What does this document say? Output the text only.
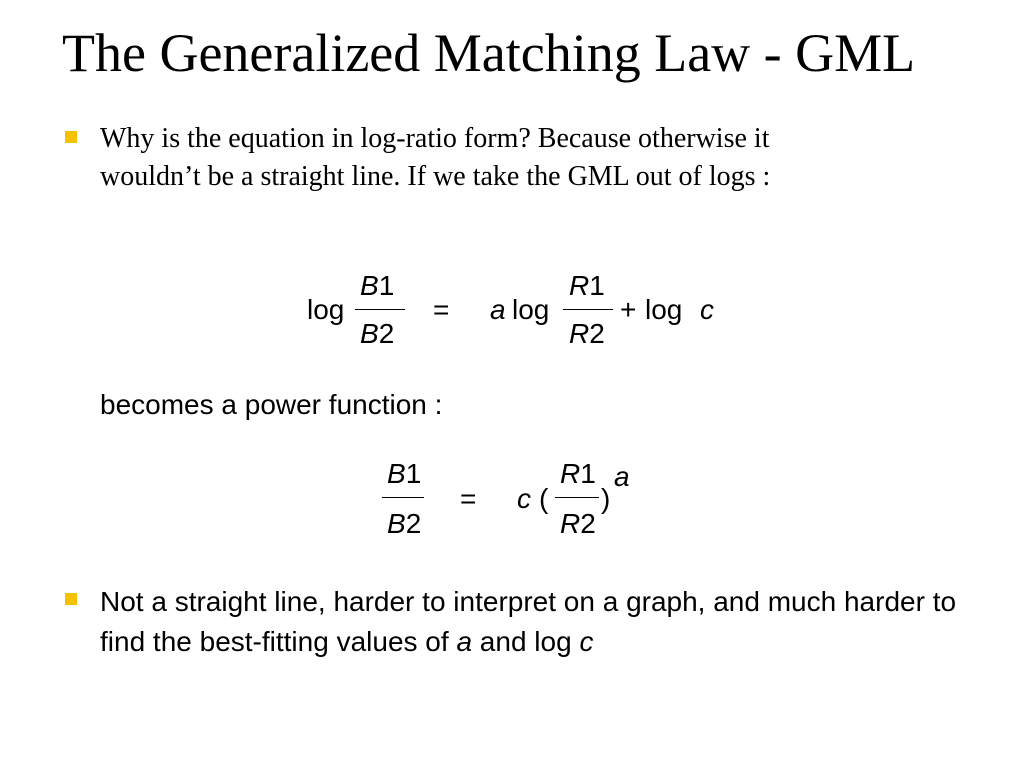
The Generalized Matching Law - GML
Why is the equation in log-ratio form? Because otherwise it
wouldn’t be a straight line. If we take the GML out of logs :
log
B1
B2
= a log
R1
R2
+ log c
becomes a power function :
B1
B2
= c (
R1
R2
)
a
Not a straight line, harder to interpret on a graph, and much harder to find the best-fitting values of a and log c
